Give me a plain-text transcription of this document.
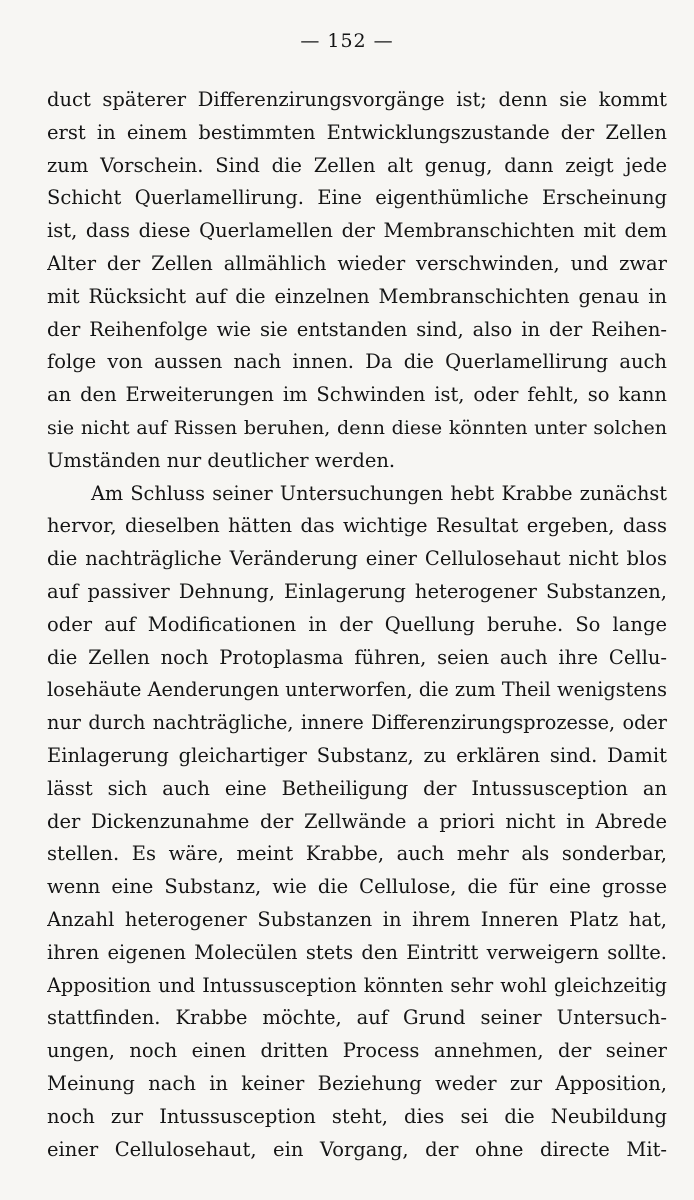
— 152 —
duct späterer Differenzirungsvorgänge ist; denn sie kommt
erst in einem bestimmten Entwicklungszustande der Zellen
zum Vorschein. Sind die Zellen alt genug, dann zeigt jede
Schicht Querlamellirung. Eine eigenthümliche Erscheinung
ist, dass diese Querlamellen der Membranschichten mit dem
Alter der Zellen allmählich wieder verschwinden, und zwar
mit Rücksicht auf die einzelnen Membranschichten genau in
der Reihenfolge wie sie entstanden sind, also in der Reihen-
folge von aussen nach innen. Da die Querlamellirung auch
an den Erweiterungen im Schwinden ist, oder fehlt, so kann
sie nicht auf Rissen beruhen, denn diese könnten unter solchen
Umständen nur deutlicher werden.
Am Schluss seiner Untersuchungen hebt Krabbe zunächst
hervor, dieselben hätten das wichtige Resultat ergeben, dass
die nachträgliche Veränderung einer Cellulosehaut nicht blos
auf passiver Dehnung, Einlagerung heterogener Substanzen,
oder auf Modificationen in der Quellung beruhe. So lange
die Zellen noch Protoplasma führen, seien auch ihre Cellu-
losehäute Aenderungen unterworfen, die zum Theil wenigstens
nur durch nachträgliche, innere Differenzirungsprozesse, oder
Einlagerung gleichartiger Substanz, zu erklären sind. Damit
lässt sich auch eine Betheiligung der Intussusception an
der Dickenzunahme der Zellwände a priori nicht in Abrede
stellen. Es wäre, meint Krabbe, auch mehr als sonderbar,
wenn eine Substanz, wie die Cellulose, die für eine grosse
Anzahl heterogener Substanzen in ihrem Inneren Platz hat,
ihren eigenen Molecülen stets den Eintritt verweigern sollte.
Apposition und Intussusception könnten sehr wohl gleichzeitig
stattfinden. Krabbe möchte, auf Grund seiner Untersuch-
ungen, noch einen dritten Process annehmen, der seiner
Meinung nach in keiner Beziehung weder zur Apposition,
noch zur Intussusception steht, dies sei die Neubildung
einer Cellulosehaut, ein Vorgang, der ohne directe Mit-
